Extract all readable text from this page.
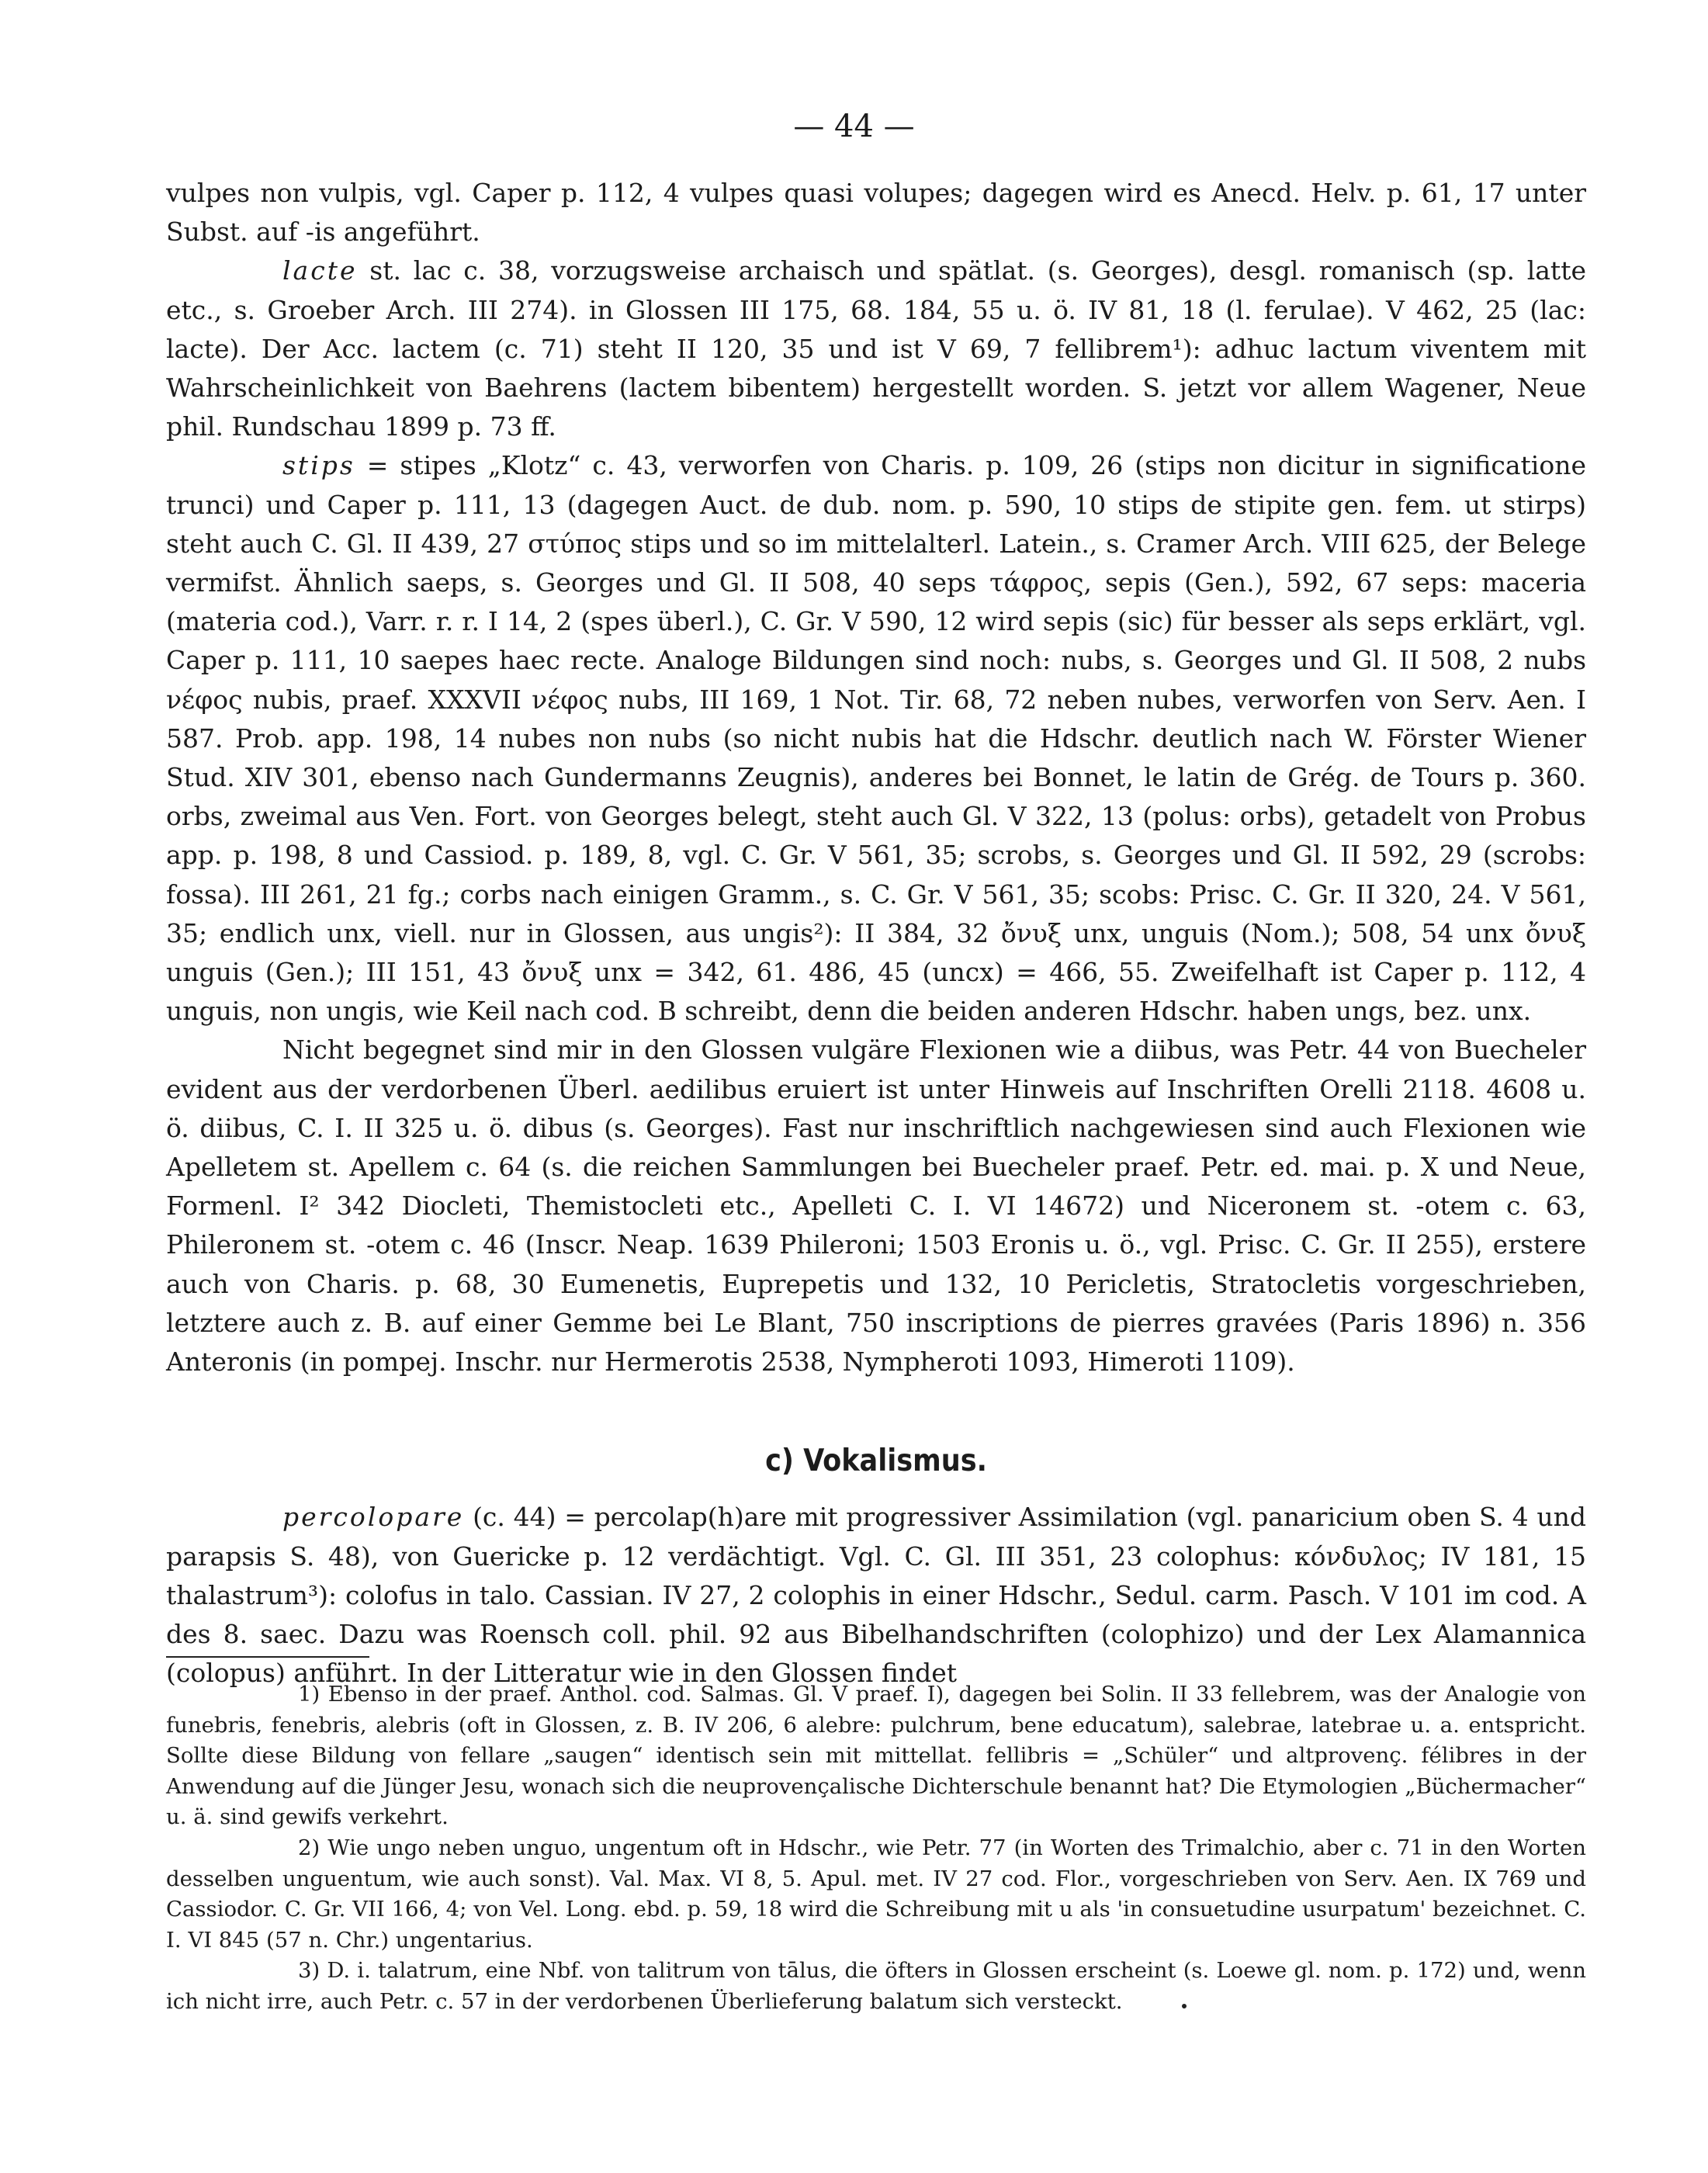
— 44 —

vulpes non vulpis, vgl. Caper p. 112, 4 vulpes quasi volupes; dagegen wird es Anecd. Helv. p. 61, 17 unter Subst. auf -is angeführt.

lacte st. lac c. 38, vorzugsweise archaisch und spätlat. (s. Georges), desgl. romanisch (sp. latte etc., s. Groeber Arch. III 274). in Glossen III 175, 68. 184, 55 u. ö. IV 81, 18 (l. ferulae). V 462, 25 (lac: lacte). Der Acc. lactem (c. 71) steht II 120, 35 und ist V 69, 7 fellibrem¹): adhuc lactum viventem mit Wahrscheinlichkeit von Baehrens (lactem bibentem) hergestellt worden. S. jetzt vor allem Wagener, Neue phil. Rundschau 1899 p. 73 ff.

stips = stipes „Klotz“ c. 43, verworfen von Charis. p. 109, 26 (stips non dicitur in significatione trunci) und Caper p. 111, 13 (dagegen Auct. de dub. nom. p. 590, 10 stips de stipite gen. fem. ut stirps) steht auch C. Gl. II 439, 27 στύπος stips und so im mittelalterl. Latein., s. Cramer Arch. VIII 625, der Belege vermifst. Ähnlich saeps, s. Georges und Gl. II 508, 40 seps τάφρος, sepis (Gen.), 592, 67 seps: maceria (materia cod.), Varr. r. r. I 14, 2 (spes überl.), C. Gr. V 590, 12 wird sepis (sic) für besser als seps erklärt, vgl. Caper p. 111, 10 saepes haec recte. Analoge Bildungen sind noch: nubs, s. Georges und Gl. II 508, 2 nubs νέφος nubis, praef. XXXVII νέφος nubs, III 169, 1 Not. Tir. 68, 72 neben nubes, verworfen von Serv. Aen. I 587. Prob. app. 198, 14 nubes non nubs (so nicht nubis hat die Hdschr. deutlich nach W. Förster Wiener Stud. XIV 301, ebenso nach Gundermanns Zeugnis), anderes bei Bonnet, le latin de Grég. de Tours p. 360. orbs, zweimal aus Ven. Fort. von Georges belegt, steht auch Gl. V 322, 13 (polus: orbs), getadelt von Probus app. p. 198, 8 und Cassiod. p. 189, 8, vgl. C. Gr. V 561, 35; scrobs, s. Georges und Gl. II 592, 29 (scrobs: fossa). III 261, 21 fg.; corbs nach einigen Gramm., s. C. Gr. V 561, 35; scobs: Prisc. C. Gr. II 320, 24. V 561, 35; endlich unx, viell. nur in Glossen, aus ungis²): II 384, 32 ὄνυξ unx, unguis (Nom.); 508, 54 unx ὄνυξ unguis (Gen.); III 151, 43 ὄνυξ unx = 342, 61. 486, 45 (uncx) = 466, 55. Zweifelhaft ist Caper p. 112, 4 unguis, non ungis, wie Keil nach cod. B schreibt, denn die beiden anderen Hdschr. haben ungs, bez. unx.

Nicht begegnet sind mir in den Glossen vulgäre Flexionen wie a diibus, was Petr. 44 von Buecheler evident aus der verdorbenen Überl. aedilibus eruiert ist unter Hinweis auf Inschriften Orelli 2118. 4608 u. ö. diibus, C. I. II 325 u. ö. dibus (s. Georges). Fast nur inschriftlich nachgewiesen sind auch Flexionen wie Apelletem st. Apellem c. 64 (s. die reichen Sammlungen bei Buecheler praef. Petr. ed. mai. p. X und Neue, Formenl. I² 342 Diocleti, Themistocleti etc., Apelleti C. I. VI 14672) und Niceronem st. -otem c. 63, Phileronem st. -otem c. 46 (Inscr. Neap. 1639 Phileroni; 1503 Eronis u. ö., vgl. Prisc. C. Gr. II 255), erstere auch von Charis. p. 68, 30 Eumenetis, Euprepetis und 132, 10 Pericletis, Stratocletis vorgeschrieben, letztere auch z. B. auf einer Gemme bei Le Blant, 750 inscriptions de pierres gravées (Paris 1896) n. 356 Anteronis (in pompej. Inschr. nur Hermerotis 2538, Nympheroti 1093, Himeroti 1109).

c) Vokalismus.

percolopare (c. 44) = percolap(h)are mit progressiver Assimilation (vgl. panaricium oben S. 4 und parapsis S. 48), von Guericke p. 12 verdächtigt. Vgl. C. Gl. III 351, 23 colophus: κόνδυλος; IV 181, 15 thalastrum³): colofus in talo. Cassian. IV 27, 2 colophis in einer Hdschr., Sedul. carm. Pasch. V 101 im cod. A des 8. saec. Dazu was Roensch coll. phil. 92 aus Bibelhandschriften (colophizo) und der Lex Alamannica (colopus) anführt. In der Litteratur wie in den Glossen findet

1) Ebenso in der praef. Anthol. cod. Salmas. Gl. V praef. I), dagegen bei Solin. II 33 fellebrem, was der Analogie von funebris, fenebris, alebris (oft in Glossen, z. B. IV 206, 6 alebre: pulchrum, bene educatum), salebrae, latebrae u. a. entspricht. Sollte diese Bildung von fellare „saugen“ identisch sein mit mittellat. fellibris = „Schüler“ und altprovenç. félibres in der Anwendung auf die Jünger Jesu, wonach sich die neuprovençalische Dichterschule benannt hat? Die Etymologien „Büchermacher“ u. ä. sind gewifs verkehrt.

2) Wie ungo neben unguo, ungentum oft in Hdschr., wie Petr. 77 (in Worten des Trimalchio, aber c. 71 in den Worten desselben unguentum, wie auch sonst). Val. Max. VI 8, 5. Apul. met. IV 27 cod. Flor., vorgeschrieben von Serv. Aen. IX 769 und Cassiodor. C. Gr. VII 166, 4; von Vel. Long. ebd. p. 59, 18 wird die Schreibung mit u als 'in consuetudine usurpatum' bezeichnet. C. I. VI 845 (57 n. Chr.) ungentarius.

3) D. i. talatrum, eine Nbf. von talitrum von tālus, die öfters in Glossen erscheint (s. Loewe gl. nom. p. 172) und, wenn ich nicht irre, auch Petr. c. 57 in der verdorbenen Überlieferung balatum sich versteckt.
